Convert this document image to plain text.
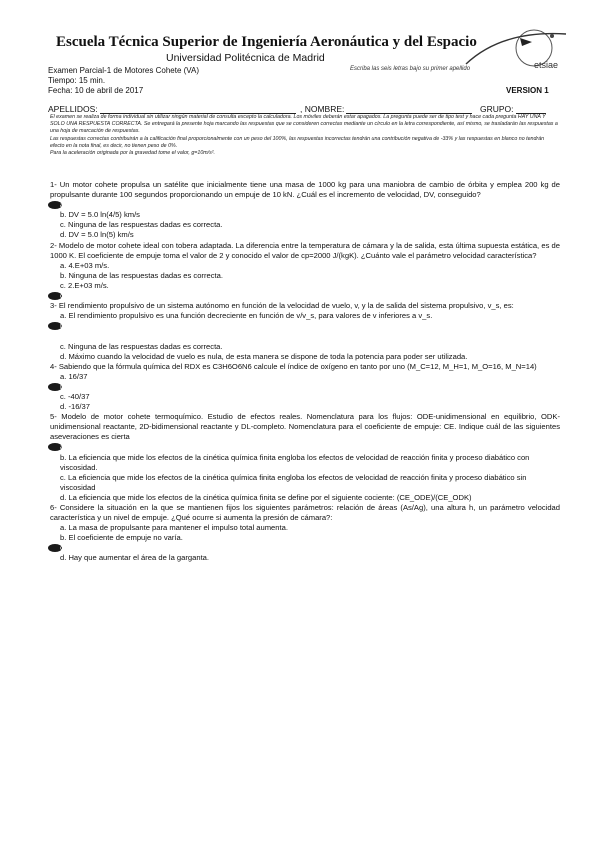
Escuela Técnica Superior de Ingeniería Aeronáutica y del Espacio
Universidad Politécnica de Madrid
etsiae
Examen Parcial-1 de Motores Cohete (VA)
Tiempo: 15 min.
Fecha: 10 de abril de 2017
Escriba las seis letras bajo su primer apellido
VERSION 1
APELLIDOS:	, NOMBRE:	GRUPO:

El examen se realiza de forma individual sin utilizar ningún material de consulta excepto la calculadora. Los móviles deberán estar apagados. La pregunta puede ser de tipo test y hace cada pregunta HAY UNA Y SOLO UNA RESPUESTA CORRECTA. Se entregará la presente hoja marcando las respuestas que se consideren correctas mediante un círculo en la letra correspondiente, así mismo, se trasladarán las respuestas a una hoja de marcación de respuestas.

Las respuestas correctas contribuirán a la calificación final proporcionalmente con un peso del 100%, las respuestas incorrectas tendrán una contribución negativa de -33% y las respuestas en blanco no tendrán efecto en la nota final, es decir, no tienen peso de 0%.

Para la aceleración originada por la gravedad tome el valor, g=10m/s².

1- Un motor cohete propulsa un satélite que inicialmente tiene una masa de 1000 kg para una maniobra de cambio de órbita y emplea 200 kg de propulsante durante 100 segundos proporcionando un empuje de 10 kN. ¿Cuál es el incremento de velocidad, DV, conseguido?

a. DV = 5.0 ln(5/4) km/s
b. DV = 5.0 ln(4/5) km/s
c. Ninguna de las respuestas dadas es correcta.
d. DV = 5.0 ln(5) km/s

2- Modelo de motor cohete ideal con tobera adaptada. La diferencia entre la temperatura de cámara y la de salida, esta última supuesta estática, es de 1000 K. El coeficiente de empuje toma el valor de 2 y conocido el valor de cp=2000 J/(kgK). ¿Cuánto vale el parámetro velocidad característica?

a. 4.E+03 m/s.
b. Ninguna de las respuestas dadas es correcta.
c. 2.E+03 m/s.
d. 1.E+03 m/s.

3- El rendimiento propulsivo de un sistema autónomo en función de la velocidad de vuelo, v, y la de salida del sistema propulsivo, v_s, es:

a. El rendimiento propulsivo es una función decreciente en función de v/v_s, para valores de v inferiores a v_s.
b. El rendimiento toma el valor unidad cuando ambas velocidades se igualan, es decir el vehículo deposita el propulsante a velocidad nula en ejes tierra.
c. Ninguna de las respuestas dadas es correcta.
d. Máximo cuando la velocidad de vuelo es nula, de esta manera se dispone de toda la potencia para poder ser utilizada.

4- Sabiendo que la fórmula química del RDX es C3H6O6N6 calcule el índice de oxígeno en tanto por uno (M_C=12, M_H=1, M_O=16, M_N=14)

a. 16/37
b. -8/37
c. -40/37
d. -16/37

5- Modelo de motor cohete termoquímico. Estudio de efectos reales. Nomenclatura para los flujos: ODE-unidimensional en equilibrio, ODK-unidimensional reactante, 2D-bidimensional reactante y DL-completo. Nomenclatura para el coeficiente de empuje: CE. Indique cuál de las siguientes aseveraciones es cierta

a. La eficiencia que mide los efectos de la cinética química finita se define por el siguiente cociente: (CE_ODK)/(CE_ODE)
b. La eficiencia que mide los efectos de la cinética química finita engloba los efectos de velocidad de reacción finita y proceso diabático con viscosidad.
c. La eficiencia que mide los efectos de la cinética química finita engloba los efectos de velocidad de reacción finita y proceso diabático sin viscosidad
d. La eficiencia que mide los efectos de la cinética química finita se define por el siguiente cociente: (CE_ODE)/(CE_ODK)

6- Considere la situación en la que se mantienen fijos los siguientes parámetros: relación de áreas (As/Ag), una altura h, un parámetro velocidad característica y un nivel de empuje. ¿Qué ocurre si aumenta la presión de cámara?:

a. La masa de propulsante para mantener el impulso total aumenta.
b. El coeficiente de empuje no varía.
c. Para conseguir un determinado impulso total, el tiempo de funcionamiento no varía.
d. Hay que aumentar el área de la garganta.
